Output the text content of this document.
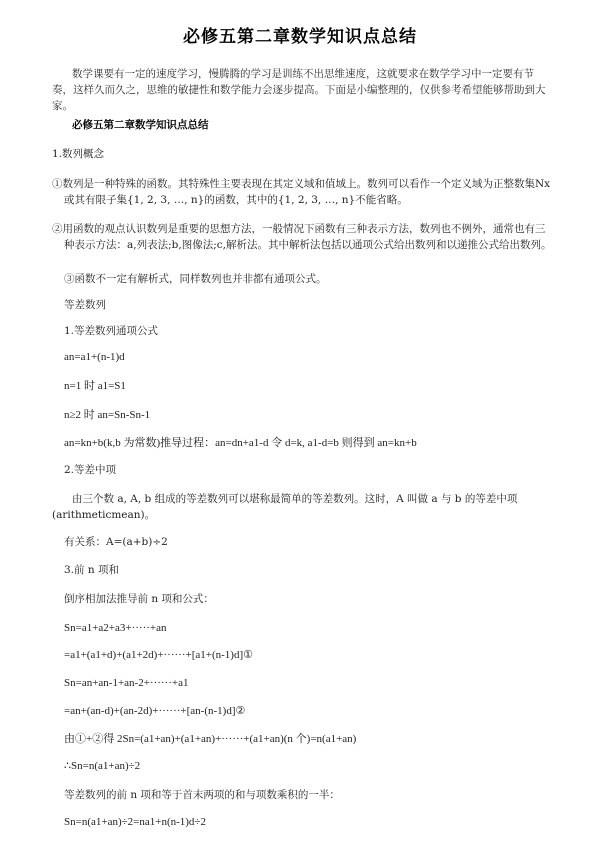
必修五第二章数学知识点总结
数学课要有一定的速度学习，慢腾腾的学习是训练不出思维速度，这就要求在数学学习中一定要有节奏，这样久而久之，思维的敏捷性和数学能力会逐步提高。下面是小编整理的，仅供参考希望能够帮助到大家。
必修五第二章数学知识点总结
1.数列概念
①数列是一种特殊的函数。其特殊性主要表现在其定义域和值域上。数列可以看作一个定义域为正整数集Nx或其有限子集{1, 2, 3, …, n}的函数，其中的{1, 2, 3, …, n}不能省略。
②用函数的观点认识数列是重要的思想方法，一般情况下函数有三种表示方法，数列也不例外，通常也有三种表示方法：a,列表法;b,图像法;c,解析法。其中解析法包括以通项公式给出数列和以递推公式给出数列。
③函数不一定有解析式，同样数列也并非都有通项公式。
等差数列
1.等差数列通项公式
an=a1+(n-1)d
n=1 时 a1=S1
n≥2 时 an=Sn-Sn-1
an=kn+b(k,b 为常数)推导过程：an=dn+a1-d 令 d=k, a1-d=b 则得到 an=kn+b
2.等差中项
由三个数 a, A, b 组成的等差数列可以堪称最简单的等差数列。这时，A 叫做 a 与 b 的等差中项(arithmeticmean)。
有关系：A=(a+b)÷2
3.前 n 项和
倒序相加法推导前 n 项和公式：
Sn=a1+a2+a3+·····+an
=a1+(a1+d)+(a1+2d)+······+[a1+(n-1)d]①
Sn=an+an-1+an-2+······+a1
=an+(an-d)+(an-2d)+······+[an-(n-1)d]②
由①+②得 2Sn=(a1+an)+(a1+an)+······+(a1+an)(n 个)=n(a1+an)
∴Sn=n(a1+an)÷2
等差数列的前 n 项和等于首末两项的和与项数乘积的一半：
Sn=n(a1+an)÷2=na1+n(n-1)d÷2
